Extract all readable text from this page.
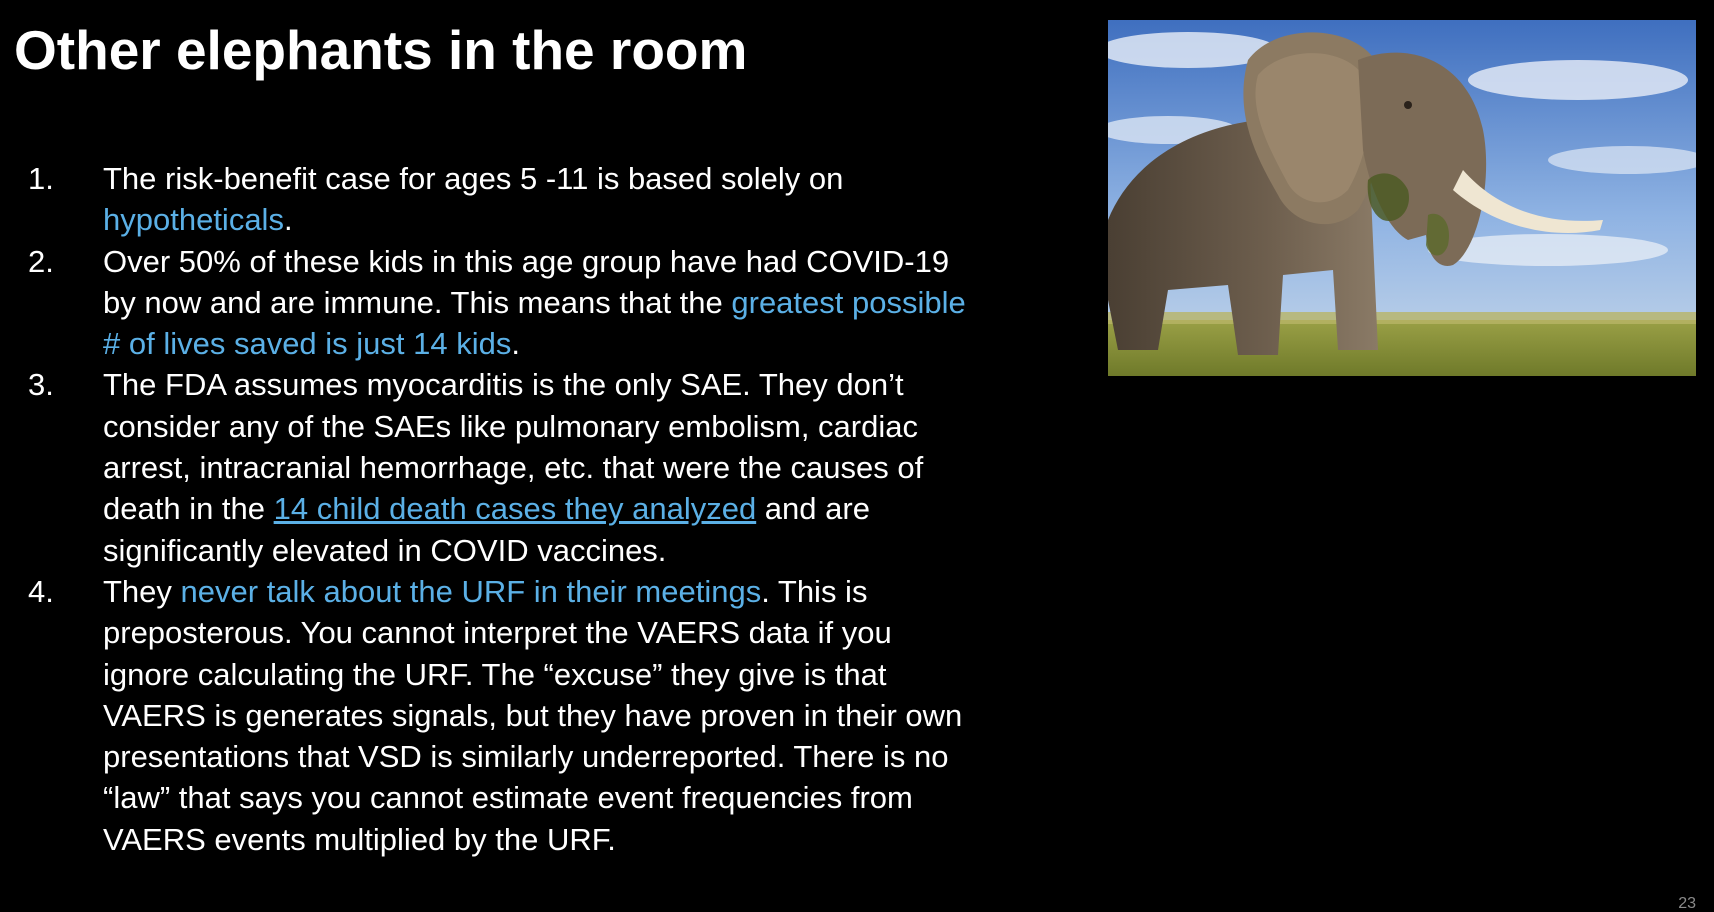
Other elephants in the room
1. The risk-benefit case for ages 5 -11 is based solely on
hypotheticals.
2. Over 50% of these kids in this age group have had COVID-19
by now and are immune. This means that the greatest possible
# of lives saved is just 14 kids.
3. The FDA assumes myocarditis is the only SAE. They don’t
consider any of the SAEs like pulmonary embolism, cardiac
arrest, intracranial hemorrhage, etc. that were the causes of
death in the 14 child death cases they analyzed and are
significantly elevated in COVID vaccines.
4. They never talk about the URF in their meetings. This is
preposterous. You cannot interpret the VAERS data if you
ignore calculating the URF. The “excuse” they give is that
VAERS is generates signals, but they have proven in their own
presentations that VSD is similarly underreported. There is no
“law” that says you cannot estimate event frequencies from
VAERS events multiplied by the URF.
23
